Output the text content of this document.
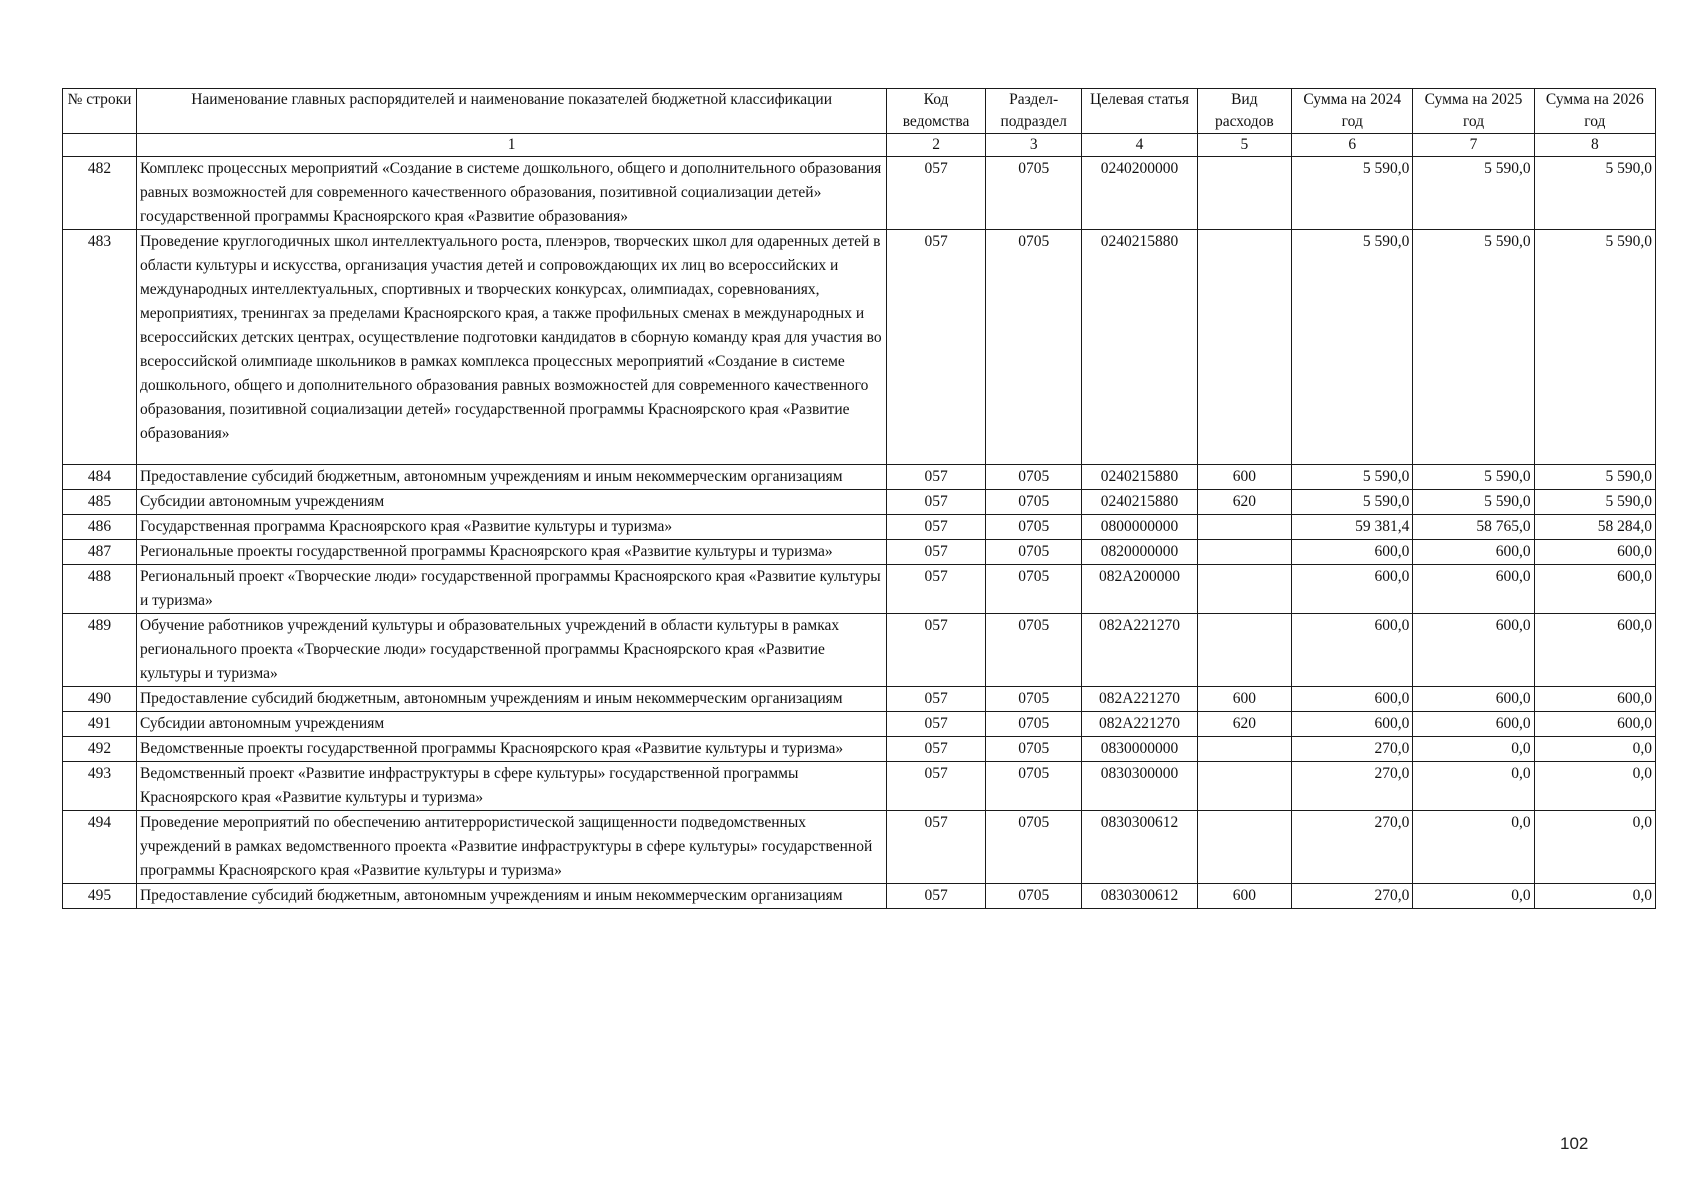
№ строки	Наименование главных распорядителей и наименование показателей бюджетной классификации	Код ведомства	Раздел-подраздел	Целевая статья	Вид расходов	Сумма на 2024 год	Сумма на 2025 год	Сумма на 2026 год
	1	2	3	4	5	6	7	8
482	Комплекс процессных мероприятий «Создание в системе дошкольного, общего и дополнительного образования равных возможностей для современного качественного образования, позитивной социализации детей» государственной программы Красноярского края «Развитие образования»	057	0705	0240200000		5 590,0	5 590,0	5 590,0
483	Проведение круглогодичных школ интеллектуального роста, пленэров, творческих школ для одаренных детей в области культуры и искусства, организация участия детей и сопровождающих их лиц во всероссийских и международных интеллектуальных, спортивных и творческих конкурсах, олимпиадах, соревнованиях, мероприятиях, тренингах за пределами Красноярского края, а также профильных сменах в международных и всероссийских детских центрах, осуществление подготовки кандидатов в сборную команду края для участия во всероссийской олимпиаде школьников в рамках комплекса процессных мероприятий «Создание в системе дошкольного, общего и дополнительного образования равных возможностей для современного качественного образования, позитивной социализации детей» государственной программы Красноярского края «Развитие образования»	057	0705	0240215880		5 590,0	5 590,0	5 590,0
484	Предоставление субсидий бюджетным, автономным учреждениям и иным некоммерческим организациям	057	0705	0240215880	600	5 590,0	5 590,0	5 590,0
485	Субсидии автономным учреждениям	057	0705	0240215880	620	5 590,0	5 590,0	5 590,0
486	Государственная программа Красноярского края «Развитие культуры и туризма»	057	0705	0800000000		59 381,4	58 765,0	58 284,0
487	Региональные проекты государственной программы Красноярского края «Развитие культуры и туризма»	057	0705	0820000000		600,0	600,0	600,0
488	Региональный проект «Творческие люди» государственной программы Красноярского края «Развитие культуры и туризма»	057	0705	082А200000		600,0	600,0	600,0
489	Обучение работников учреждений культуры и образовательных учреждений в области культуры в рамках регионального проекта «Творческие люди» государственной программы Красноярского края «Развитие культуры и туризма»	057	0705	082А221270		600,0	600,0	600,0
490	Предоставление субсидий бюджетным, автономным учреждениям и иным некоммерческим организациям	057	0705	082А221270	600	600,0	600,0	600,0
491	Субсидии автономным учреждениям	057	0705	082А221270	620	600,0	600,0	600,0
492	Ведомственные проекты государственной программы Красноярского края «Развитие культуры и туризма»	057	0705	0830000000		270,0	0,0	0,0
493	Ведомственный проект «Развитие инфраструктуры в сфере культуры» государственной программы Красноярского края «Развитие культуры и туризма»	057	0705	0830300000		270,0	0,0	0,0
494	Проведение мероприятий по обеспечению антитеррористической защищенности подведомственных учреждений в рамках ведомственного проекта «Развитие инфраструктуры в сфере культуры» государственной программы Красноярского края «Развитие культуры и туризма»	057	0705	0830300612		270,0	0,0	0,0
495	Предоставление субсидий бюджетным, автономным учреждениям и иным некоммерческим организациям	057	0705	0830300612	600	270,0	0,0	0,0
102
